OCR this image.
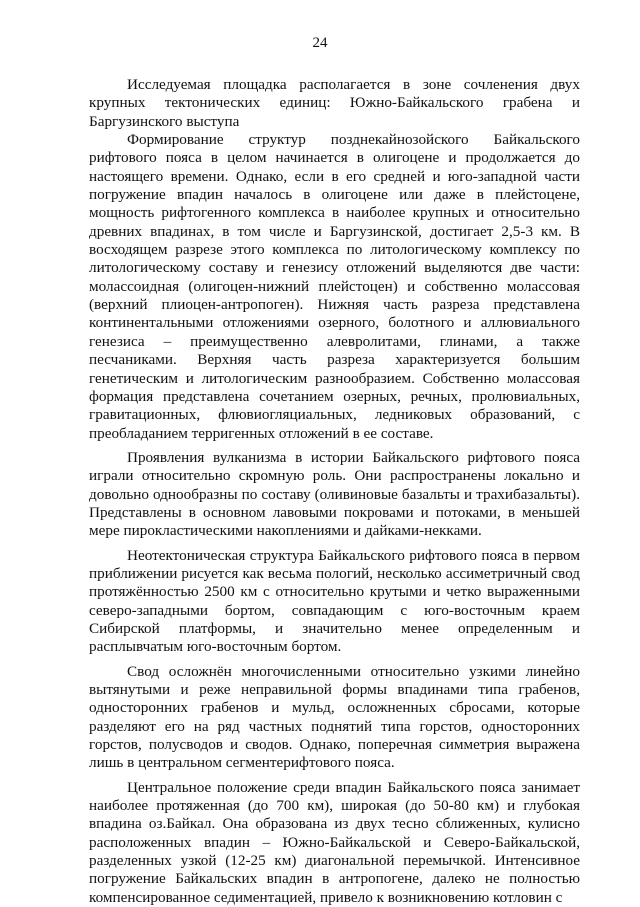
24

Исследуемая площадка располагается в зоне сочленения двух крупных тектонических единиц: Южно-Байкальского грабена и Баргузинского выступа

Формирование структур позднекайнозойского Байкальского рифтового пояса в целом начинается в олигоцене и продолжается до настоящего времени. Однако, если в его средней и юго-западной части погружение впадин началось в олигоцене или даже в плейстоцене, мощность рифтогенного комплекса в наиболее крупных и относительно древних впадинах, в том числе и Баргузинской, достигает 2,5-3 км. В восходящем разрезе этого комплекса по литологическому комплексу по литологическому составу и генезису отложений выделяются две части: молассоидная (олигоцен-нижний плейстоцен) и собственно молассовая (верхний плиоцен-антропоген). Нижняя часть разреза представлена континентальными отложениями озерного, болотного и аллювиального генезиса – преимущественно алевролитами, глинами, а также песчаниками. Верхняя часть разреза характеризуется большим генетическим и литологическим разнообразием. Собственно молассовая формация представлена сочетанием озерных, речных, пролювиальных, гравитационных, флювиогляциальных, ледниковых образований, с преобладанием терригенных отложений в ее составе.

Проявления вулканизма в истории Байкальского рифтового пояса играли относительно скромную роль. Они распространены локально и довольно однообразны по составу (оливиновые базальты и трахибазальты). Представлены в основном лавовыми покровами и потоками, в меньшей мере пирокластическими накоплениями и дайками-некками.

Неотектоническая структура Байкальского рифтового пояса в первом приближении рисуется как весьма пологий, несколько ассиметричный свод протяжённостью 2500 км с относительно крутыми и четко выраженными северо-западными бортом, совпадающим с юго-восточным краем Сибирской платформы, и значительно менее определенным и расплывчатым юго-восточным бортом.

Свод осложнён многочисленными относительно узкими линейно вытянутыми и реже неправильной формы впадинами типа грабенов, односторонних грабенов и мульд, осложненных сбросами, которые разделяют его на ряд частных поднятий типа горстов, односторонних горстов, полусводов и сводов. Однако, поперечная симметрия выражена лишь в центральном сегментерифтового пояса.

Центральное положение среди впадин Байкальского пояса занимает наиболее протяженная (до 700 км), широкая (до 50-80 км) и глубокая впадина оз.Байкал. Она образована из двух тесно сближенных, кулисно расположенных впадин – Южно-Байкальской и Северо-Байкальской, разделенных узкой (12-25 км) диагональной перемычкой. Интенсивное погружение Байкальских впадин в антропогене, далеко не полностью компенсированное седиментацией, привело к возникновению котловин с
